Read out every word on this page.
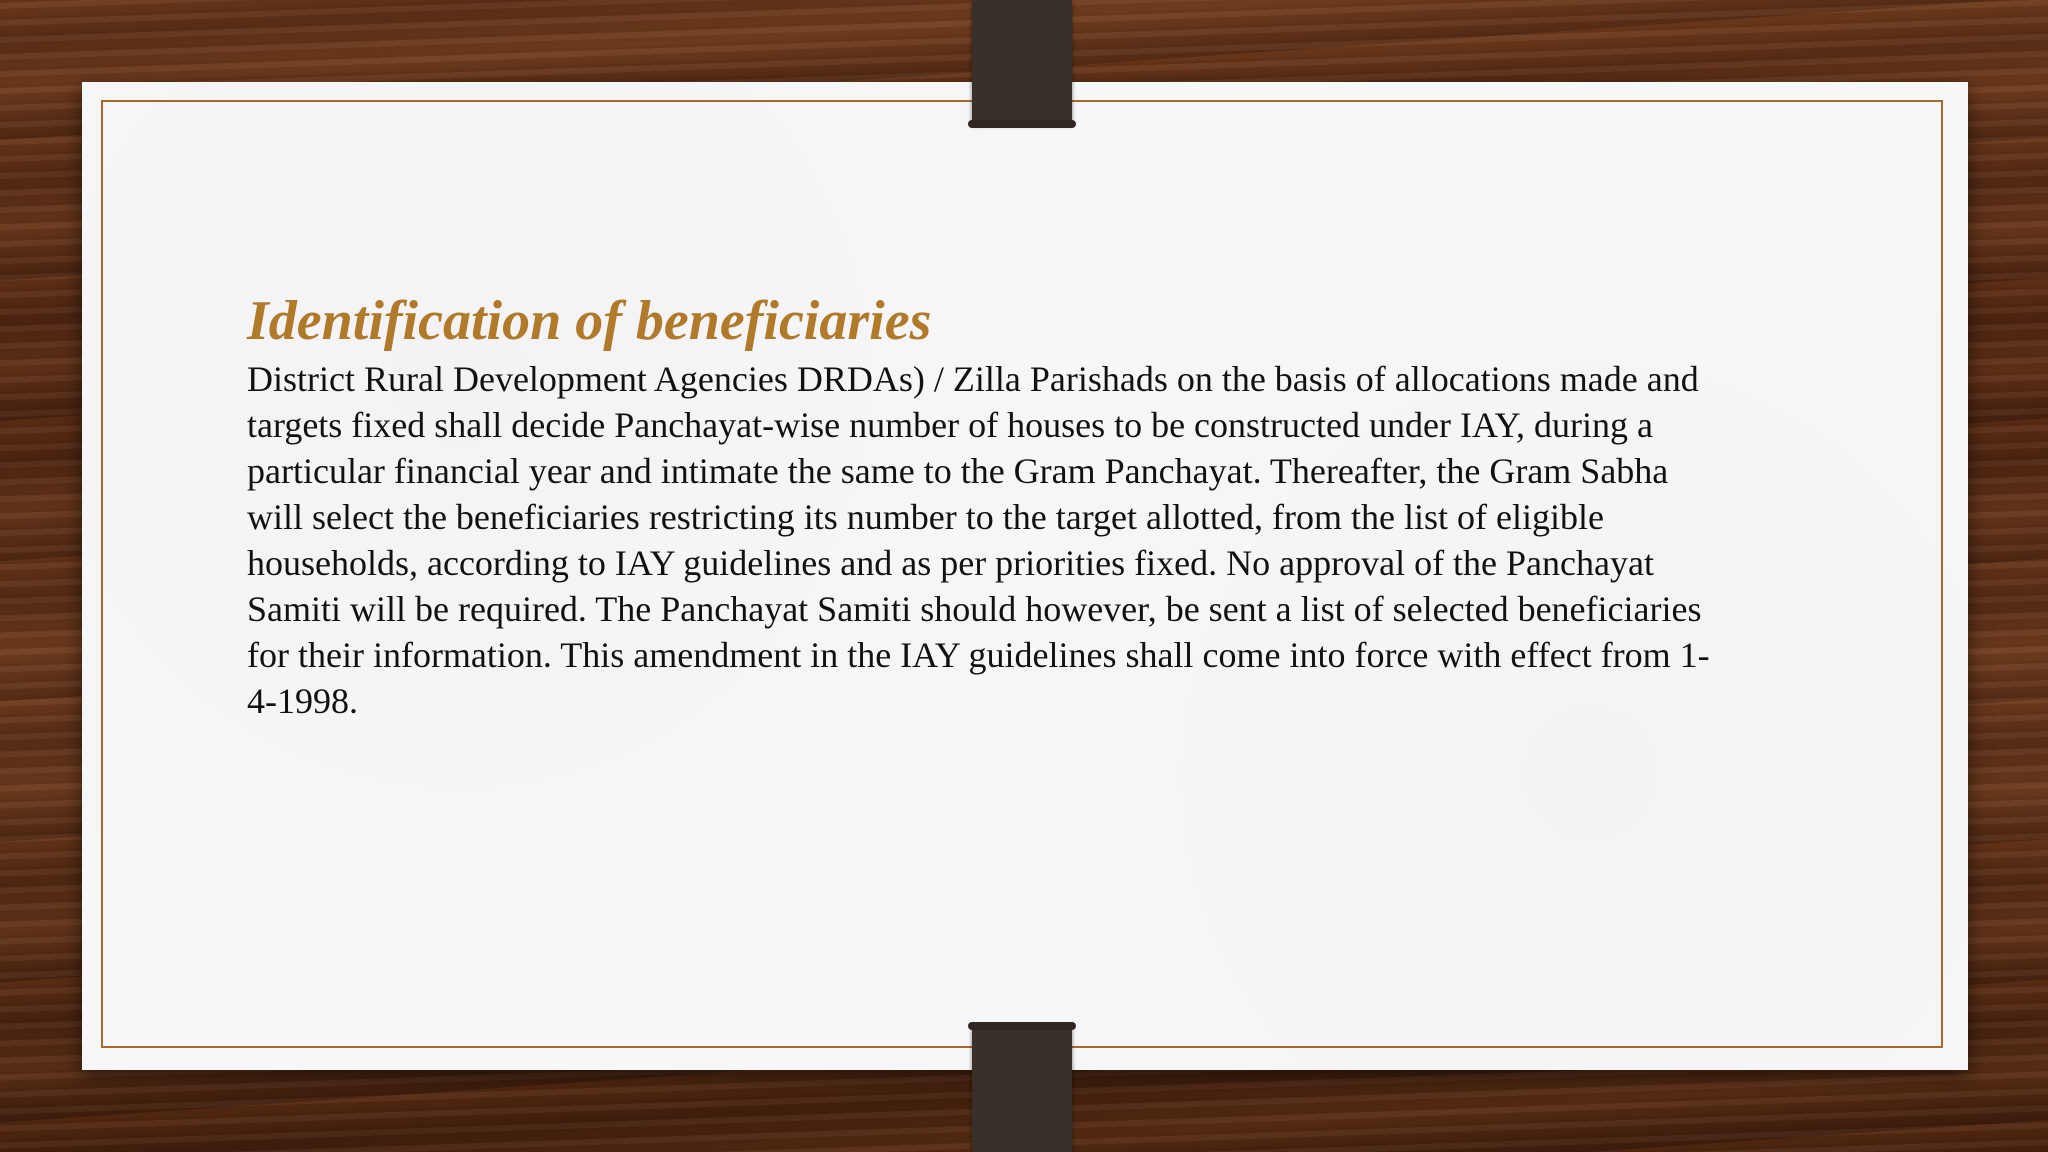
Identification of beneficiaries

District Rural Development Agencies DRDAs) / Zilla Parishads on the basis of allocations made and targets fixed shall decide Panchayat-wise number of houses to be constructed under IAY, during a particular financial year and intimate the same to the Gram Panchayat. Thereafter, the Gram Sabha will select the beneficiaries restricting its number to the target allotted, from the list of eligible households, according to IAY guidelines and as per priorities fixed. No approval of the Panchayat Samiti will be required. The Panchayat Samiti should however, be sent a list of selected beneficiaries for their information. This amendment in the IAY guidelines shall come into force with effect from 1-4-1998.
